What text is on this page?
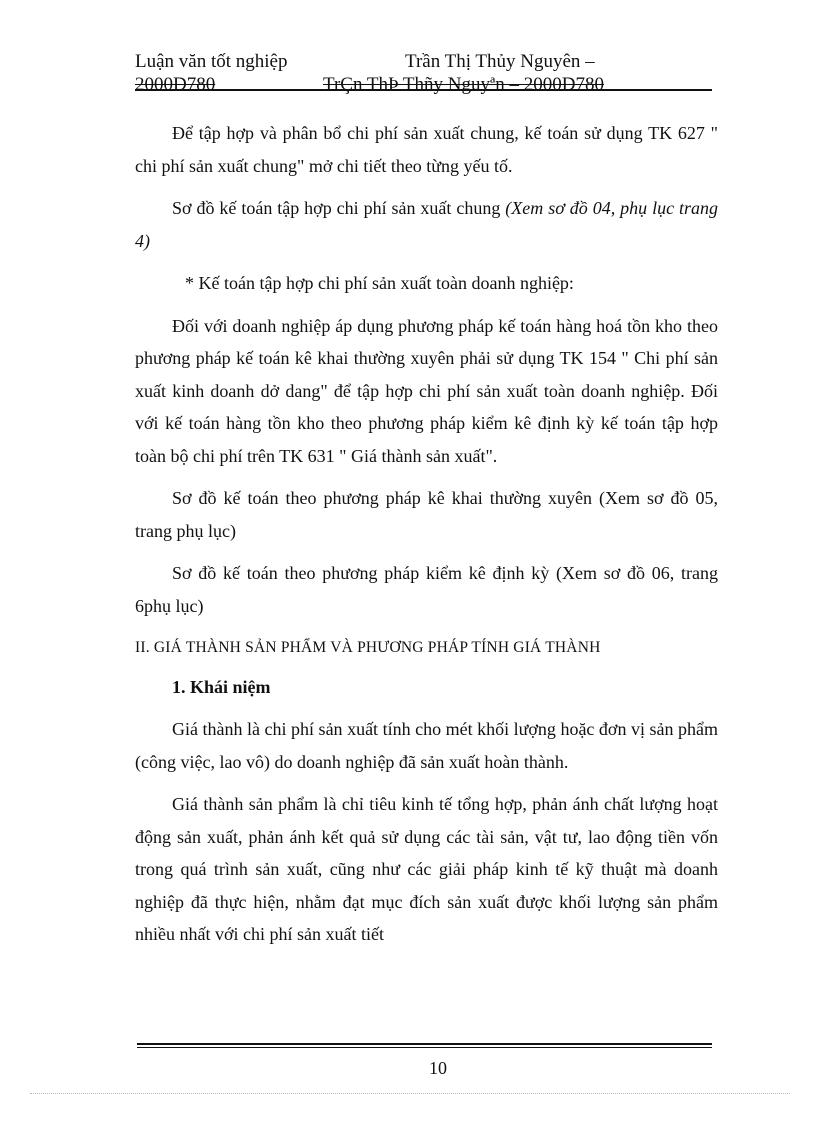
Luận văn tốt nghiệp	Trần Thị Thủy Nguyên –
2000D780	TrÇn ThÞ Thñy Nguyªn – 2000D780

Để tập hợp và phân bổ chi phí sản xuất chung, kế toán sử dụng TK 627 " chi phí sản xuất chung" mở chi tiết theo từng yếu tố.

Sơ đồ kế toán tập hợp chi phí sản xuất chung (Xem sơ đồ 04, phụ lục trang 4)

* Kế toán tập hợp chi phí sản xuất toàn doanh nghiệp:

Đối với doanh nghiệp áp dụng phương pháp kế toán hàng hoá tồn kho theo phương pháp kế toán kê khai thường xuyên phải sử dụng TK 154 " Chi phí sản xuất kinh doanh dở dang" để tập hợp chi phí sản xuất toàn doanh nghiệp. Đối với kế toán hàng tồn kho theo phương pháp kiểm kê định kỳ kế toán tập hợp toàn bộ chi phí trên TK 631 " Giá thành sản xuất".

Sơ đồ kế toán theo phương pháp kê khai thường xuyên (Xem sơ đồ 05, trang phụ lục)

Sơ đồ kế toán theo phương pháp kiểm kê định kỳ (Xem sơ đồ 06, trang 6phụ lục)

II. GIÁ THÀNH SẢN PHẨM VÀ PHƯƠNG PHÁP TÍNH GIÁ THÀNH

1. Khái niệm

Giá thành là chi phí sản xuất tính cho mét khối lượng hoặc đơn vị sản phẩm (công việc, lao vô) do doanh nghiệp đã sản xuất hoàn thành.

Giá thành sản phẩm là chỉ tiêu kinh tế tổng hợp, phản ánh chất lượng hoạt động sản xuất, phản ánh kết quả sử dụng các tài sản, vật tư, lao động tiền vốn trong quá trình sản xuất, cũng như các giải pháp kinh tế kỹ thuật mà doanh nghiệp đã thực hiện, nhằm đạt mục đích sản xuất được khối lượng sản phẩm nhiều nhất với chi phí sản xuất tiết

10
